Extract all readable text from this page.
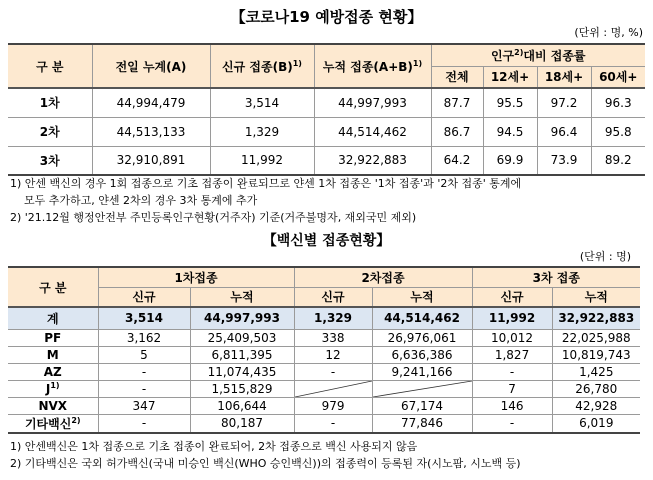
【코로나19 예방접종 현황】
(단위 : 명, %)
구 분	전일 누계(A)	신규 접종$(B)^{1)}$	누적 접종$(A+B)^{1)}$	인구$^{2)}$대비 접종률			
				전체	12세+	18세+	60세+
1차	44,994,479	3,514	44,997,993	87.7	95.5	97.2	96.3
2차	44,513,133	1,329	44,514,462	86.7	94.5	96.4	95.8
3차	32,910,891	11,992	32,922,883	64.2	69.9	73.9	89.2
1) 안센 백신의 경우 1회 접종으로 기초 접종이 완료되므로 얀센 1차 접종은 '1차 접종'과 '2차 접종' 통계에
모두 추가하고, 얀센 2차의 경우 3차 통계에 추가
2) '21.12월 행정안전부 주민등록인구현황(거주자) 기준(거주불명자, 재외국민 제외)
【백신별 접종현황】
(단위 : 명)
구 분	1차접종		2차접종		3차 접종	
	신규	누적	신규	누적	신규	누적
계	3,514	44,997,993	1,329	44,514,462	11,992	32,922,883
PF	3,162	25,409,503	338	26,976,061	10,012	22,025,988
M	5	6,811,395	12	6,636,386	1,827	10,819,743
AZ	-	11,074,435	-	9,241,166	-	1,425
$J^{1)}$	-	1,515,829			7	26,780
NVX	347	106,644	979	67,174	146	42,928
기타백신$^{2)}$	-	80,187	-	77,846	-	6,019
1) 안센백신은 1차 접종으로 기초 접종이 완료되어, 2차 접종으로 백신 사용되지 않음
2) 기타백신은 국외 허가백신(국내 미승인 백신(WHO 승인백신))의 접종력이 등록된 자(시노팜, 시노백 등)
